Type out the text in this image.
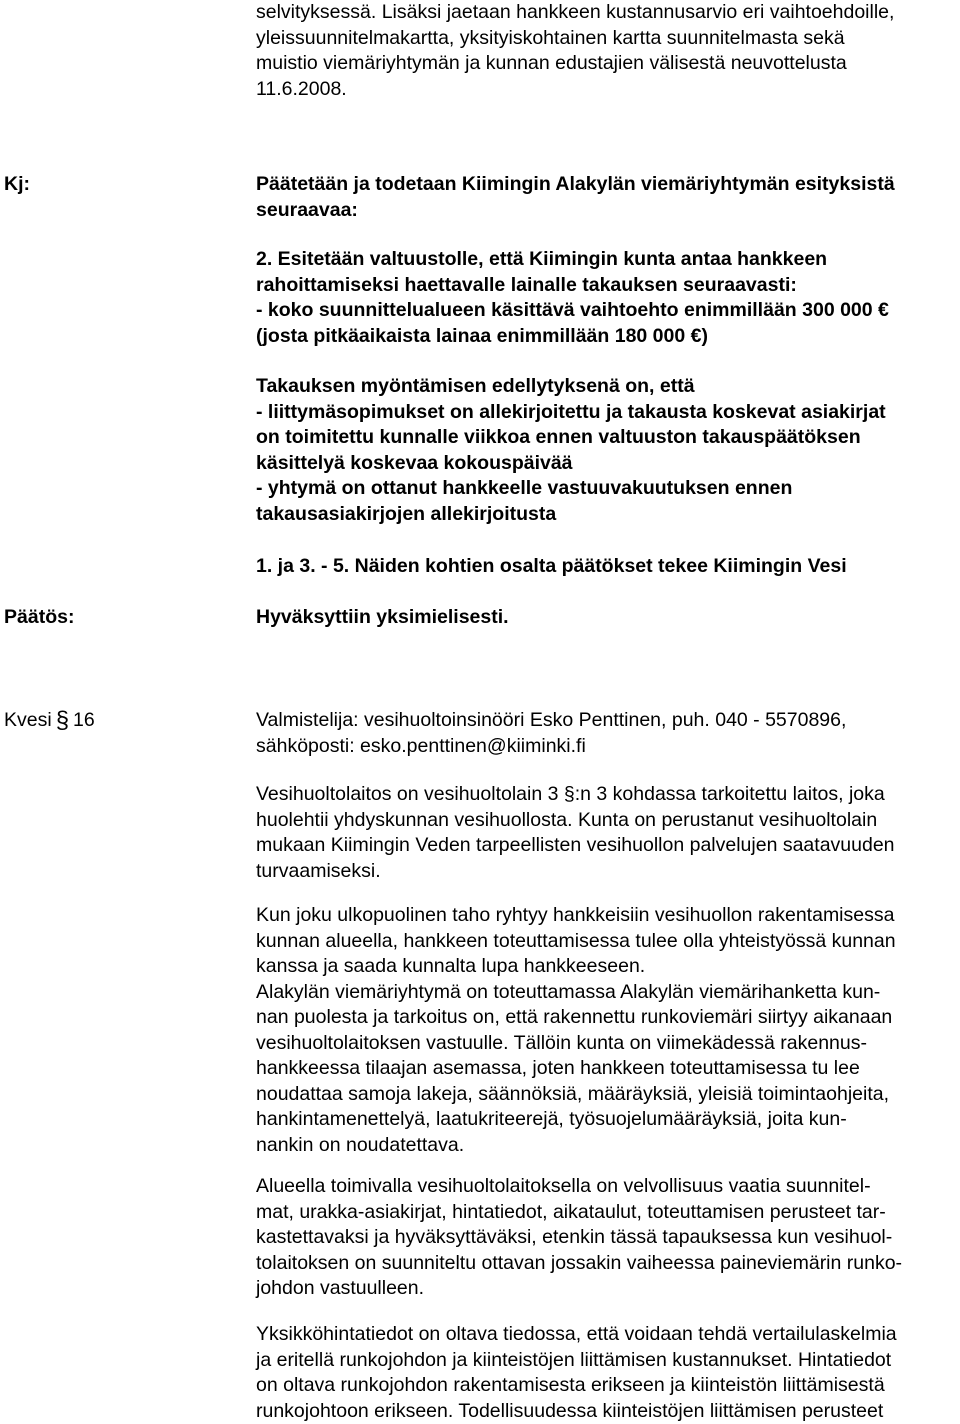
selvityksessä. Lisäksi jaetaan hankkeen kustannusarvio eri vaihtoehdoille,
yleissuunnitelmakartta, yksityiskohtainen kartta suunnitelmasta sekä
muistio viemäriyhtymän ja kunnan edustajien välisestä neuvottelusta
11.6.2008.
Kj:	Päätetään ja todetaan Kiimingin Alakylän viemäriyhtymän esityksistä
seuraavaa:
2. Esitetään valtuustolle, että Kiimingin kunta antaa hankkeen
rahoittamiseksi haettavalle lainalle takauksen seuraavasti:
- koko suunnittelualueen käsittävä vaihtoehto enimmillään 300 000 €
(josta pitkäaikaista lainaa enimmillään 180 000 €)
Takauksen myöntämisen edellytyksenä on, että
- liittymäsopimukset on allekirjoitettu ja takausta koskevat asiakirjat
on toimitettu kunnalle viikkoa ennen valtuuston takauspäätöksen
käsittelyä koskevaa kokouspäivää
- yhtymä on ottanut hankkeelle vastuuvakuutuksen ennen
takausasiakirjojen allekirjoitusta
1. ja 3. - 5. Näiden kohtien osalta päätökset tekee Kiimingin Vesi
Päätös:	Hyväksyttiin yksimielisesti.
Kvesi § 16	Valmistelija: vesihuoltoinsinööri Esko Penttinen, puh. 040 - 5570896,
sähköposti: esko.penttinen@kiiminki.fi
Vesihuoltolaitos on vesihuoltolain 3 §:n 3 kohdassa tarkoitettu laitos, joka
huolehtii yhdyskunnan vesihuollosta. Kunta on perustanut vesihuoltolain
mukaan Kiimingin Veden tarpeellisten vesihuollon palvelujen saatavuuden
turvaamiseksi.
Kun joku ulkopuolinen taho ryhtyy hankkeisiin vesihuollon rakentamisessa
kunnan alueella, hankkeen toteuttamisessa tulee olla yhteistyössä kunnan
kanssa ja saada kunnalta lupa hankkeeseen.
Alakylän viemäriyhtymä on toteuttamassa Alakylän viemärihanketta kun-
nan puolesta ja tarkoitus on, että rakennettu runkoviemäri siirtyy aikanaan
vesihuoltolaitoksen vastuulle. Tällöin kunta on viimekädessä rakennus-
hankkeessa tilaajan asemassa, joten hankkeen toteuttamisessa tu lee
noudattaa samoja lakeja, säännöksiä, määräyksiä, yleisiä toimintaohjeita,
hankintamenettelyä, laatukriteerejä, työsuojelumääräyksiä, joita kun-
nankin on noudatettava.
Alueella toimivalla vesihuoltolaitoksella on velvollisuus vaatia suunnitel-
mat, urakka-asiakirjat, hintatiedot, aikataulut, toteuttamisen perusteet tar-
kastettavaksi ja hyväksyttäväksi, etenkin tässä tapauksessa kun vesihuol-
tolaitoksen on suunniteltu ottavan jossakin vaiheessa paineviemärin runko-
johdon vastuulleen.
Yksikköhintatiedot on oltava tiedossa, että voidaan tehdä vertailulaskelmia
ja eritellä runkojohdon ja kiinteistöjen liittämisen kustannukset. Hintatiedot
on oltava runkojohdon rakentamisesta erikseen ja kiinteistön liittämisestä
runkojohtoon erikseen. Todellisuudessa kiinteistöjen liittämisen perusteet
